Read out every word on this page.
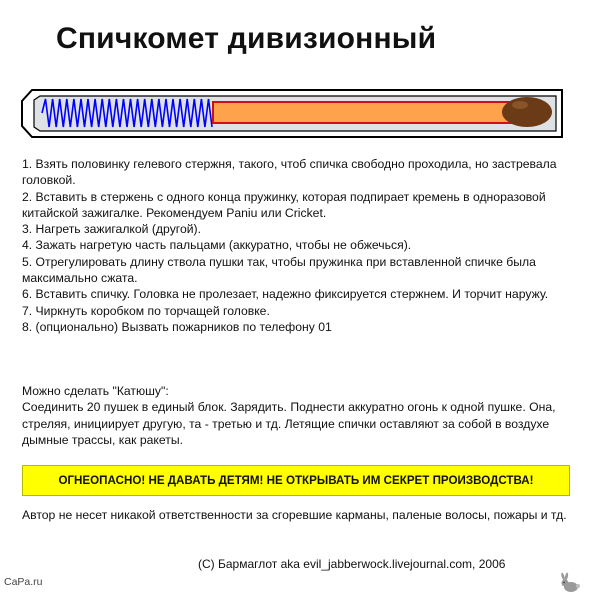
Спичкомет дивизионный

1. Взять половинку гелевого стержня, такого, чтоб спичка свободно проходила, но застревала головкой.

2. Вставить в стержень с одного конца пружинку, которая подпирает кремень в одноразовой китайской зажигалке. Рекомендуем Paniu или Cricket.

3. Нагреть зажигалкой (другой).

4. Зажать нагретую часть пальцами (аккуратно, чтобы не обжечься).

5. Отрегулировать длину ствола пушки так, чтобы пружинка при вставленной спичке была максимально сжата.

6. Вставить спичку. Головка не пролезает, надежно фиксируется стержнем. И торчит наружу.

7. Чиркнуть коробком по торчащей головке.

8. (опционально) Вызвать пожарников по телефону 01

Можно сделать "Катюшу":

Соединить 20 пушек в единый блок. Зарядить. Поднести аккуратно огонь к одной пушке. Она, стреляя, инициирует другую, та - третью и тд. Летящие спички оставляют за собой в воздухе дымные трассы, как ракеты.

ОГНЕОПАСНО! НЕ ДАВАТЬ ДЕТЯМ! НЕ ОТКРЫВАТЬ ИМ СЕКРЕТ ПРОИЗВОДСТВА!
Автор не несет никакой ответственности за сгоревшие карманы, паленые волосы, пожары и тд.
(С) Бармаглот aka evil_jabberwock.livejournal.com, 2006
CaPa.ru
